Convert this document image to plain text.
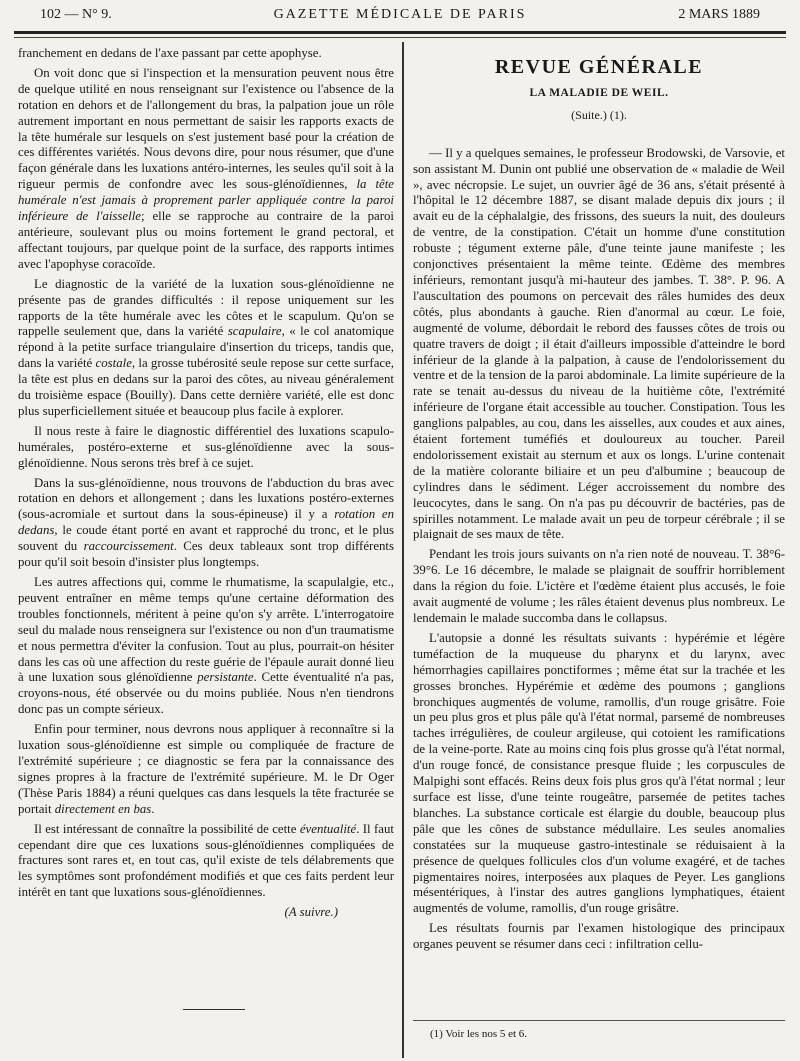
102 — N° 9.	GAZETTE MÉDICALE DE PARIS	2 MARS 1889

franchement en dedans de l'axe passant par cette apophyse.

On voit donc que si l'inspection et la mensuration peuvent nous être de quelque utilité en nous renseignant sur l'existence ou l'absence de la rotation en dehors et de l'allongement du bras, la palpation joue un rôle autrement important en nous permettant de saisir les rapports exacts de la tête humérale sur lesquels on s'est justement basé pour la création de ces différentes variétés. Nous devons dire, pour nous résumer, que d'une façon générale dans les luxations antéro-internes, les seules qu'il soit à la rigueur permis de confondre avec les sous-glénoïdiennes, la tête humérale n'est jamais à proprement parler appliquée contre la paroi inférieure de l'aisselle; elle se rapproche au contraire de la paroi antérieure, soulevant plus ou moins fortement le grand pectoral, et affectant toujours, par quelque point de la surface, des rapports intimes avec l'apophyse coracoïde.

Le diagnostic de la variété de la luxation sous-glénoïdienne ne présente pas de grandes difficultés : il repose uniquement sur les rapports de la tête humérale avec les côtes et le scapulum. Qu'on se rappelle seulement que, dans la variété scapulaire, « le col anatomique répond à la petite surface triangulaire d'insertion du triceps, tandis que, dans la variété costale, la grosse tubérosité seule repose sur cette surface, la tête est plus en dedans sur la paroi des côtes, au niveau généralement du troisième espace (Bouilly). Dans cette dernière variété, elle est donc plus superficiellement située et beaucoup plus facile à explorer.

Il nous reste à faire le diagnostic différentiel des luxations scapulo-humérales, postéro-externe et sus-glénoïdienne avec la sous-glénoïdienne. Nous serons très bref à ce sujet.

Dans la sus-glénoïdienne, nous trouvons de l'abduction du bras avec rotation en dehors et allongement ; dans les luxations postéro-externes (sous-acromiale et surtout dans la sous-épineuse) il y a rotation en dedans, le coude étant porté en avant et rapproché du tronc, et le plus souvent du raccourcissement. Ces deux tableaux sont trop différents pour qu'il soit besoin d'insister plus longtemps.

Les autres affections qui, comme le rhumatisme, la scapulalgie, etc., peuvent entraîner en même temps qu'une certaine déformation des troubles fonctionnels, méritent à peine qu'on s'y arrête. L'interrogatoire seul du malade nous renseignera sur l'existence ou non d'un traumatisme et nous permettra d'éviter la confusion. Tout au plus, pourrait-on hésiter dans les cas où une affection du reste guérie de l'épaule aurait donné lieu à une luxation sous glénoïdienne persistante. Cette éventualité n'a pas, croyons-nous, été observée ou du moins publiée. Nous n'en tiendrons donc pas un compte sérieux.

Enfin pour terminer, nous devrons nous appliquer à reconnaître si la luxation sous-glénoïdienne est simple ou compliquée de fracture de l'extrémité supérieure ; ce diagnostic se fera par la connaissance des signes propres à la fracture de l'extrémité supérieure. M. le Dr Oger (Thèse Paris 1884) a réuni quelques cas dans lesquels la tête fracturée se portait directement en bas.

Il est intéressant de connaître la possibilité de cette éventualité. Il faut cependant dire que ces luxations sous-glénoïdiennes compliquées de fractures sont rares et, en tout cas, qu'il existe de tels délabrements que les symptômes sont profondément modifiés et que ces faits perdent leur intérêt en tant que luxations sous-glénoïdiennes.

(A suivre.)

REVUE GÉNÉRALE
LA MALADIE DE WEIL.
(Suite.) (1).

— Il y a quelques semaines, le professeur Brodowski, de Varsovie, et son assistant M. Dunin ont publié une observation de « maladie de Weil », avec nécropsie. Le sujet, un ouvrier âgé de 36 ans, s'était présenté à l'hôpital le 12 décembre 1887, se disant malade depuis dix jours ; il avait eu de la céphalalgie, des frissons, des sueurs la nuit, des douleurs de ventre, de la constipation. C'était un homme d'une constitution robuste ; tégument externe pâle, d'une teinte jaune manifeste ; les conjonctives présentaient la même teinte. Œdème des membres inférieurs, remontant jusqu'à mi-hauteur des jambes. T. 38°. P. 96. A l'auscultation des poumons on percevait des râles humides des deux côtés, plus abondants à gauche. Rien d'anormal au cœur. Le foie, augmenté de volume, débordait le rebord des fausses côtes de trois ou quatre travers de doigt ; il était d'ailleurs impossible d'atteindre le bord inférieur de la glande à la palpation, à cause de l'endolorissement du ventre et de la tension de la paroi abdominale. La limite supérieure de la rate se tenait au-dessus du niveau de la huitième côte, l'extrémité inférieure de l'organe était accessible au toucher. Constipation. Tous les ganglions palpables, au cou, dans les aisselles, aux coudes et aux aines, étaient fortement tuméfiés et douloureux au toucher. Pareil endolorissement existait au sternum et aux os longs. L'urine contenait de la matière colorante biliaire et un peu d'albumine ; beaucoup de cylindres dans le sédiment. Léger accroissement du nombre des leucocytes, dans le sang. On n'a pas pu découvrir de bactéries, pas de spirilles notamment. Le malade avait un peu de torpeur cérébrale ; il se plaignait de ses maux de tête.

Pendant les trois jours suivants on n'a rien noté de nouveau. T. 38°6-39°6. Le 16 décembre, le malade se plaignait de souffrir horriblement dans la région du foie. L'ictère et l'œdème étaient plus accusés, le foie avait augmenté de volume ; les râles étaient devenus plus nombreux. Le lendemain le malade succomba dans le collapsus.

L'autopsie a donné les résultats suivants : hypérémie et légère tuméfaction de la muqueuse du pharynx et du larynx, avec hémorrhagies capillaires ponctiformes ; même état sur la trachée et les grosses bronches. Hypérémie et œdème des poumons ; ganglions bronchiques augmentés de volume, ramollis, d'un rouge grisâtre. Foie un peu plus gros et plus pâle qu'à l'état normal, parsemé de nombreuses taches irrégulières, de couleur argileuse, qui cotoient les ramifications de la veine-porte. Rate au moins cinq fois plus grosse qu'à l'état normal, d'un rouge foncé, de consistance presque fluide ; les corpuscules de Malpighi sont effacés. Reins deux fois plus gros qu'à l'état normal ; leur surface est lisse, d'une teinte rougeâtre, parsemée de petites taches blanches. La substance corticale est élargie du double, beaucoup plus pâle que les cônes de substance médullaire. Les seules anomalies constatées sur la muqueuse gastro-intestinale se réduisaient à la présence de quelques follicules clos d'un volume exagéré, et de taches pigmentaires noires, interposées aux plaques de Peyer. Les ganglions mésentériques, à l'instar des autres ganglions lymphatiques, étaient augmentés de volume, ramollis, d'un rouge grisâtre.

Les résultats fournis par l'examen histologique des principaux organes peuvent se résumer dans ceci : infiltration cellu-

(1) Voir les nos 5 et 6.
